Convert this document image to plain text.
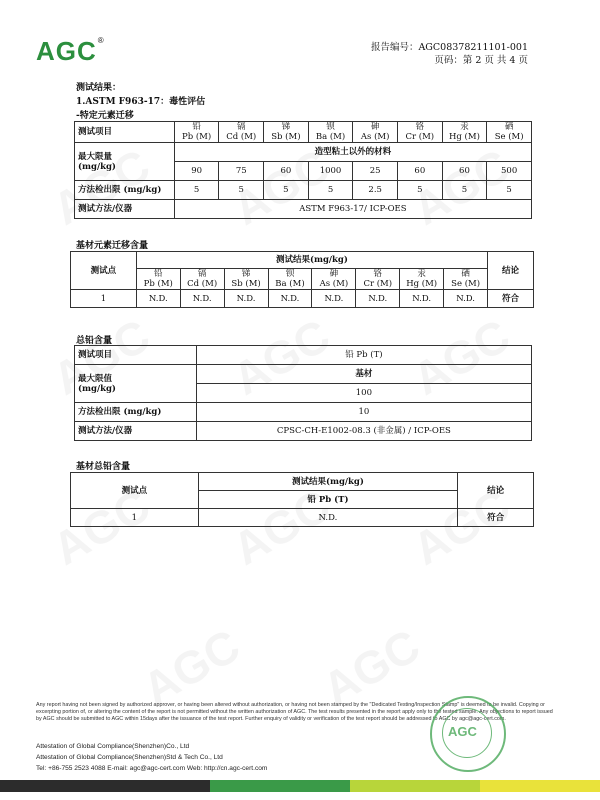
A G C ®
报告编号：AGC08378211101-001
页码：第 2 页 共 4 页
测试结果：
1.ASTM F963-17：毒性评估
-特定元素迁移
测试项目	铅	镉	锑	钡	砷	铬	汞	硒
	Pb (M)	Cd (M)	Sb (M)	Ba (M)	As (M)	Cr (M)	Hg (M)	Se (M)

最大限量
(mg/kg)	造型粘土以外的材料							
	90	75	60	1000	25	60	60	500
方法检出限 (mg/kg)	5	5	5	5	2.5	5	5	5
测试方法/仪器	ASTM F963-17/ ICP-OES							
基材元素迁移含量
测试点	测试结果(mg/kg)								结论
	铅	镉	锑	钡	砷	铬	汞	硒	
	Pb (M)	Cd (M)	Sb (M)	Ba (M)	As (M)	Cr (M)	Hg (M)	Se (M)	
1	N.D.	N.D.	N.D.	N.D.	N.D.	N.D.	N.D.	N.D.	符合
总铅含量
测试项目	铅 Pb (T)

最大限值
(mg/kg)	基材
	100
方法检出限 (mg/kg)	10
测试方法/仪器	CPSC-CH-E1002-08.3 (非金属) / ICP-OES
基材总铅含量
测试点	测试结果(mg/kg)	结论
	铅 Pb (T)	
1	N.D.	符合
Any report having not been signed by authorized approver, or having been altered without authorization, or having not been stamped by the "Dedicated Testing/Inspection Stamp" is deemed to be invalid. Copying or excerpting portion of, or altering the content of the report is not permitted without the written authorization of AGC. The test results presented in the report apply only to the tested sample. Any objections to report issued by AGC should be submitted to AGC within 15days after the issuance of the test report. Further enquiry of validity or verification of the test report should be addressed to AGC by agc@agc-cert.com.
Attestation of Global Compliance(Shenzhen)Co., Ltd
Attestation of Global Compliance(Shenzhen)Std & Tech Co., Ltd
Tel: +86-755 2523 4088 E-mail: agc@agc-cert.com Web: http://cn.agc-cert.com
AGC
